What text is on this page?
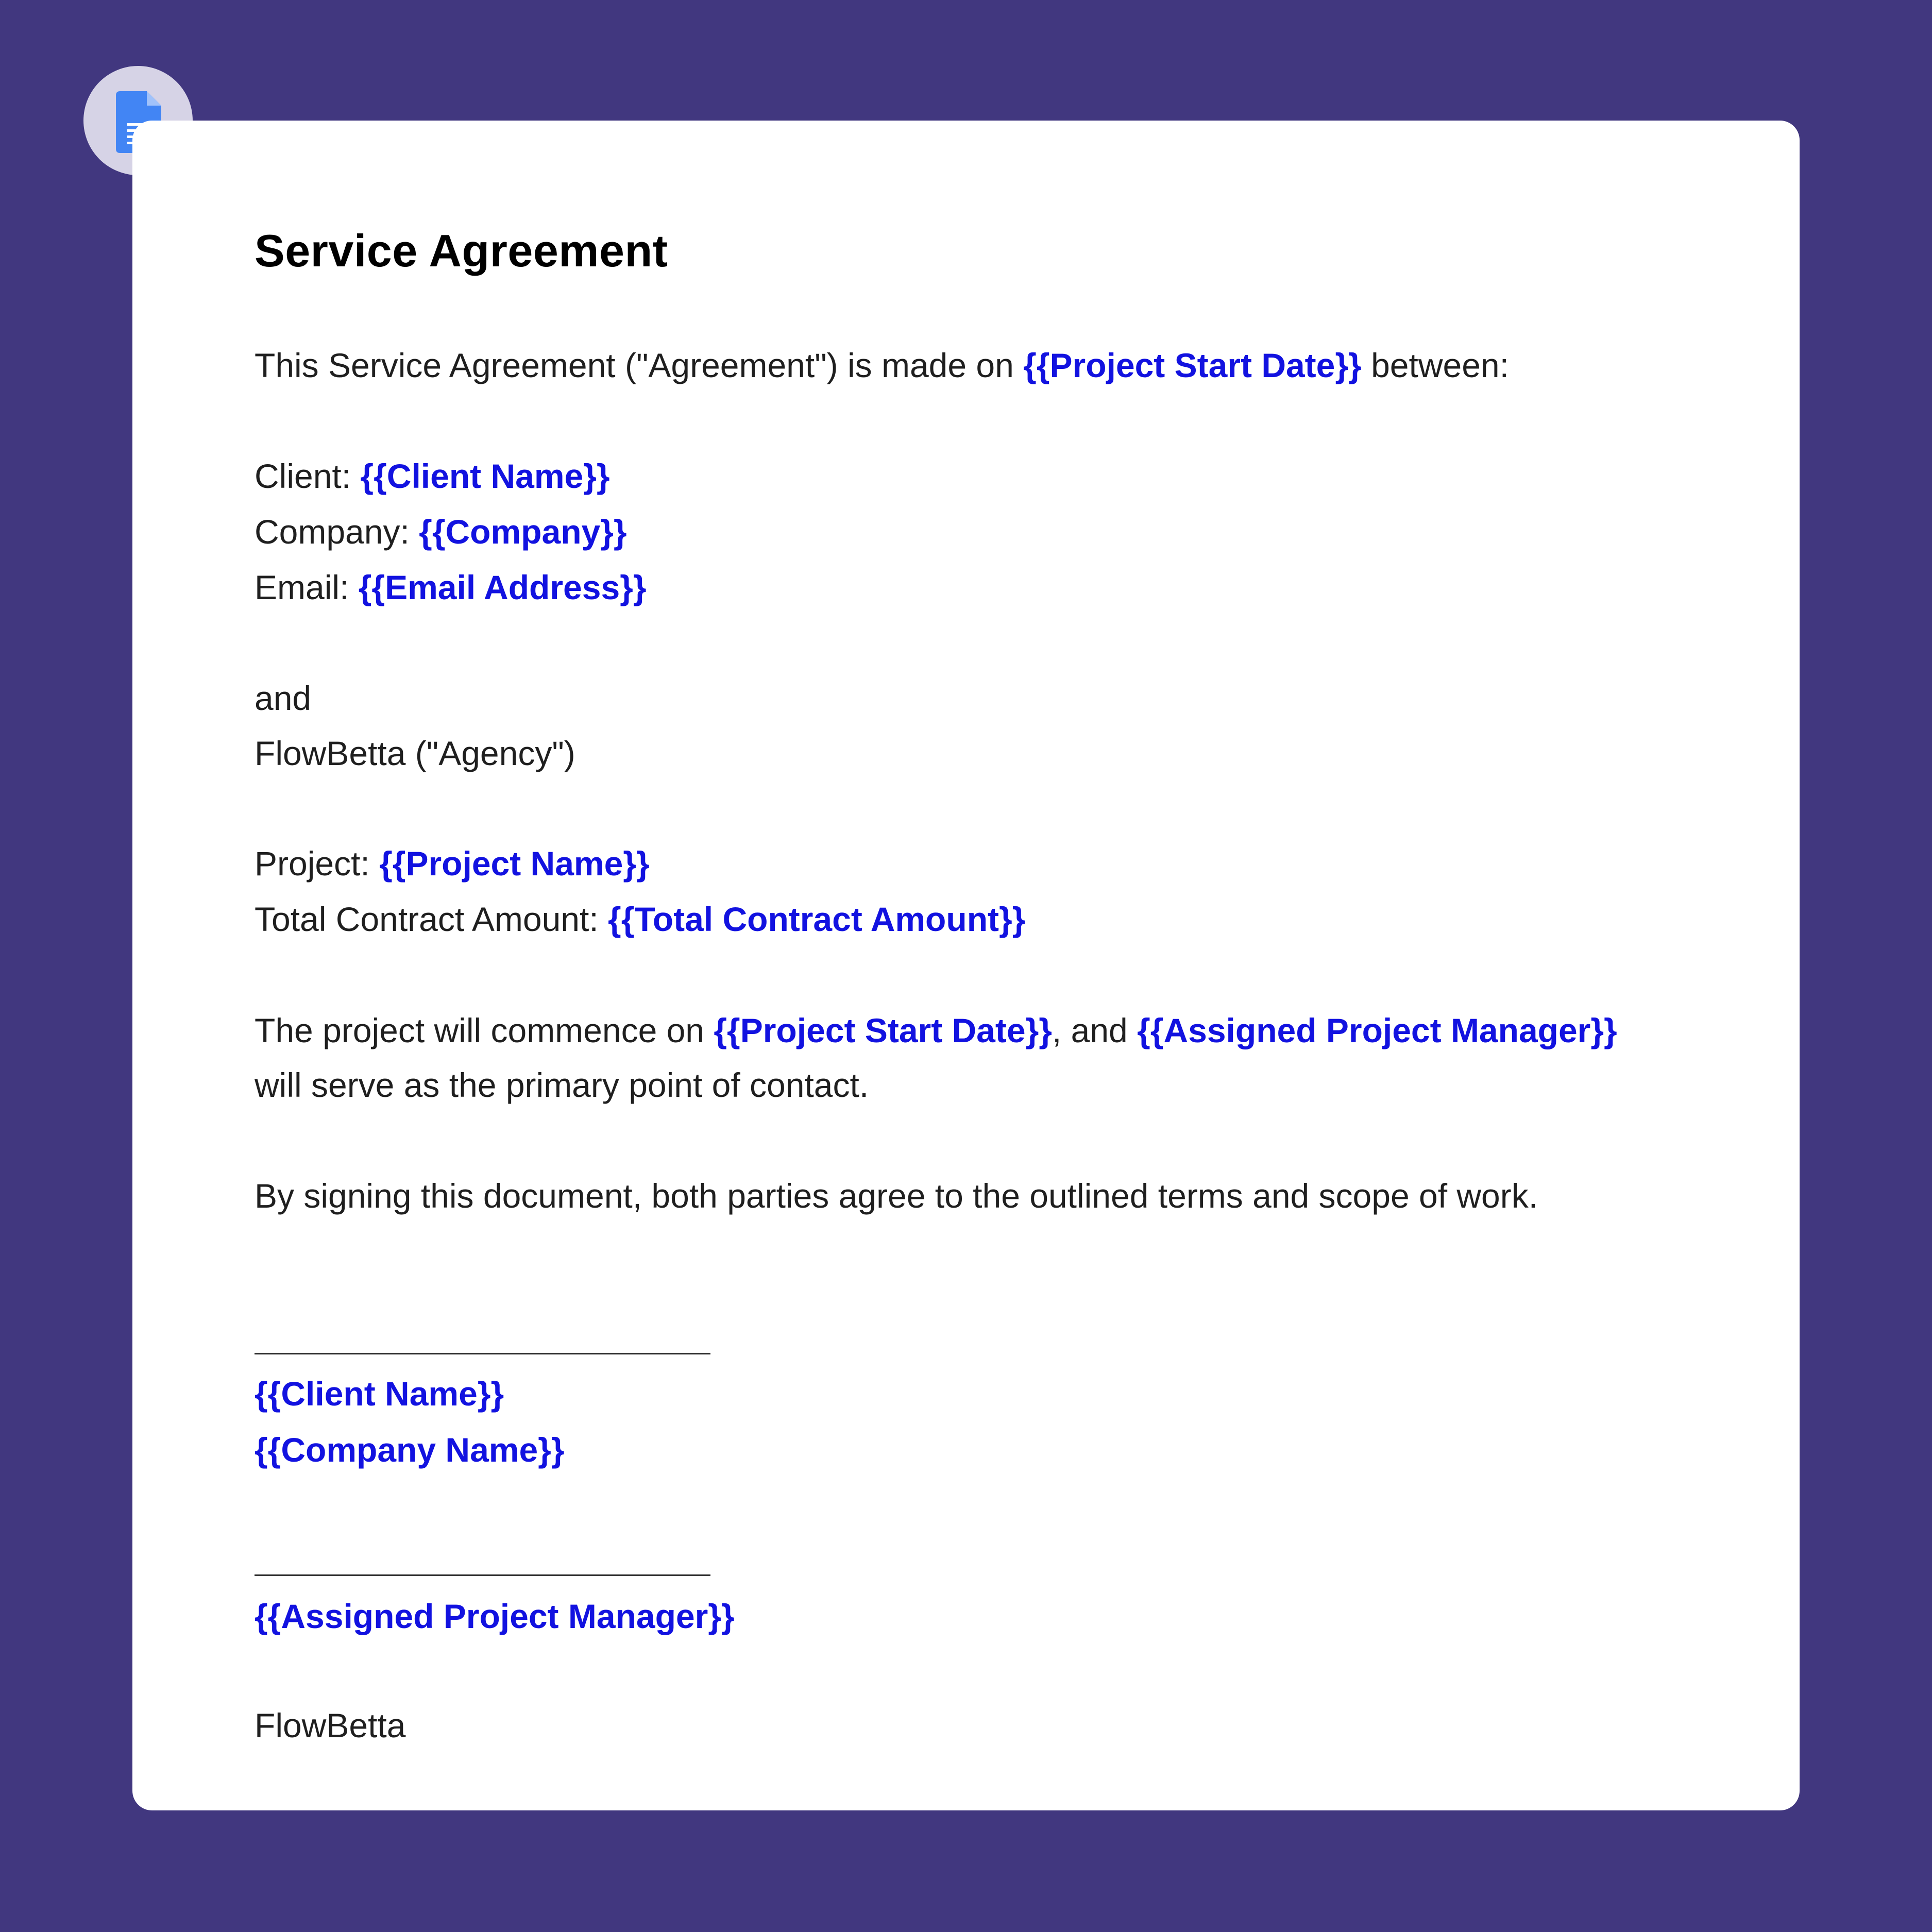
Service Agreement
This Service Agreement ("Agreement") is made on {{Project Start Date}} between:
Client: {{Client Name}}
Company: {{Company}}
Email: {{Email Address}}
and
FlowBetta ("Agency")
Project: {{Project Name}}
Total Contract Amount: {{Total Contract Amount}}
The project will commence on {{Project Start Date}}, and {{Assigned Project Manager}}
will serve as the primary point of contact.
By signing this document, both parties agree to the outlined terms and scope of work.
{{Client Name}}
{{Company Name}}
{{Assigned Project Manager}}
FlowBetta
